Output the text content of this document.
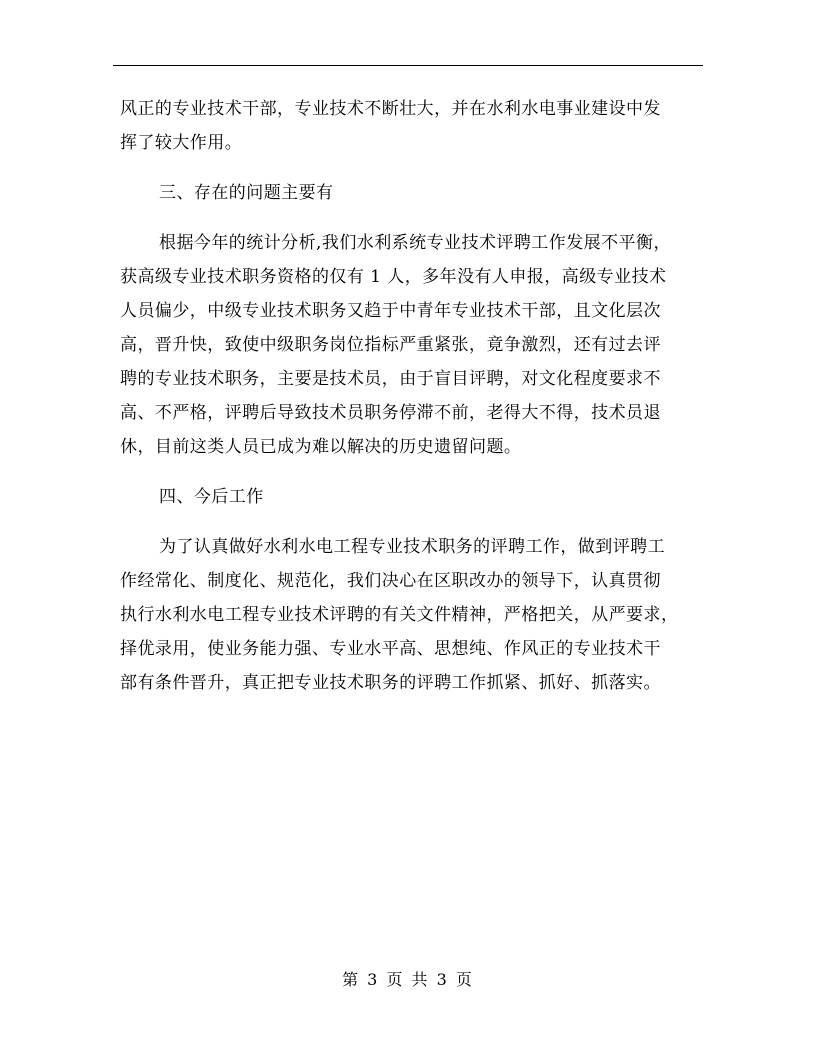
风正的专业技术干部，专业技术不断壮大，并在水利水电事业建设中发
挥了较大作用。
三、存在的问题主要有
根据今年的统计分析,我们水利系统专业技术评聘工作发展不平衡，
获高级专业技术职务资格的仅有 1 人，多年没有人申报，高级专业技术
人员偏少，中级专业技术职务又趋于中青年专业技术干部，且文化层次
高，晋升快，致使中级职务岗位指标严重紧张，竟争激烈，还有过去评
聘的专业技术职务，主要是技术员，由于盲目评聘，对文化程度要求不
高、不严格，评聘后导致技术员职务停滞不前，老得大不得，技术员退
休，目前这类人员已成为难以解决的历史遗留问题。
四、今后工作
为了认真做好水利水电工程专业技术职务的评聘工作，做到评聘工
作经常化、制度化、规范化，我们决心在区职改办的领导下，认真贯彻
执行水利水电工程专业技术评聘的有关文件精神，严格把关，从严要求，
择优录用，使业务能力强、专业水平高、思想纯、作风正的专业技术干
部有条件晋升，真正把专业技术职务的评聘工作抓紧、抓好、抓落实。
第 3 页 共 3 页
